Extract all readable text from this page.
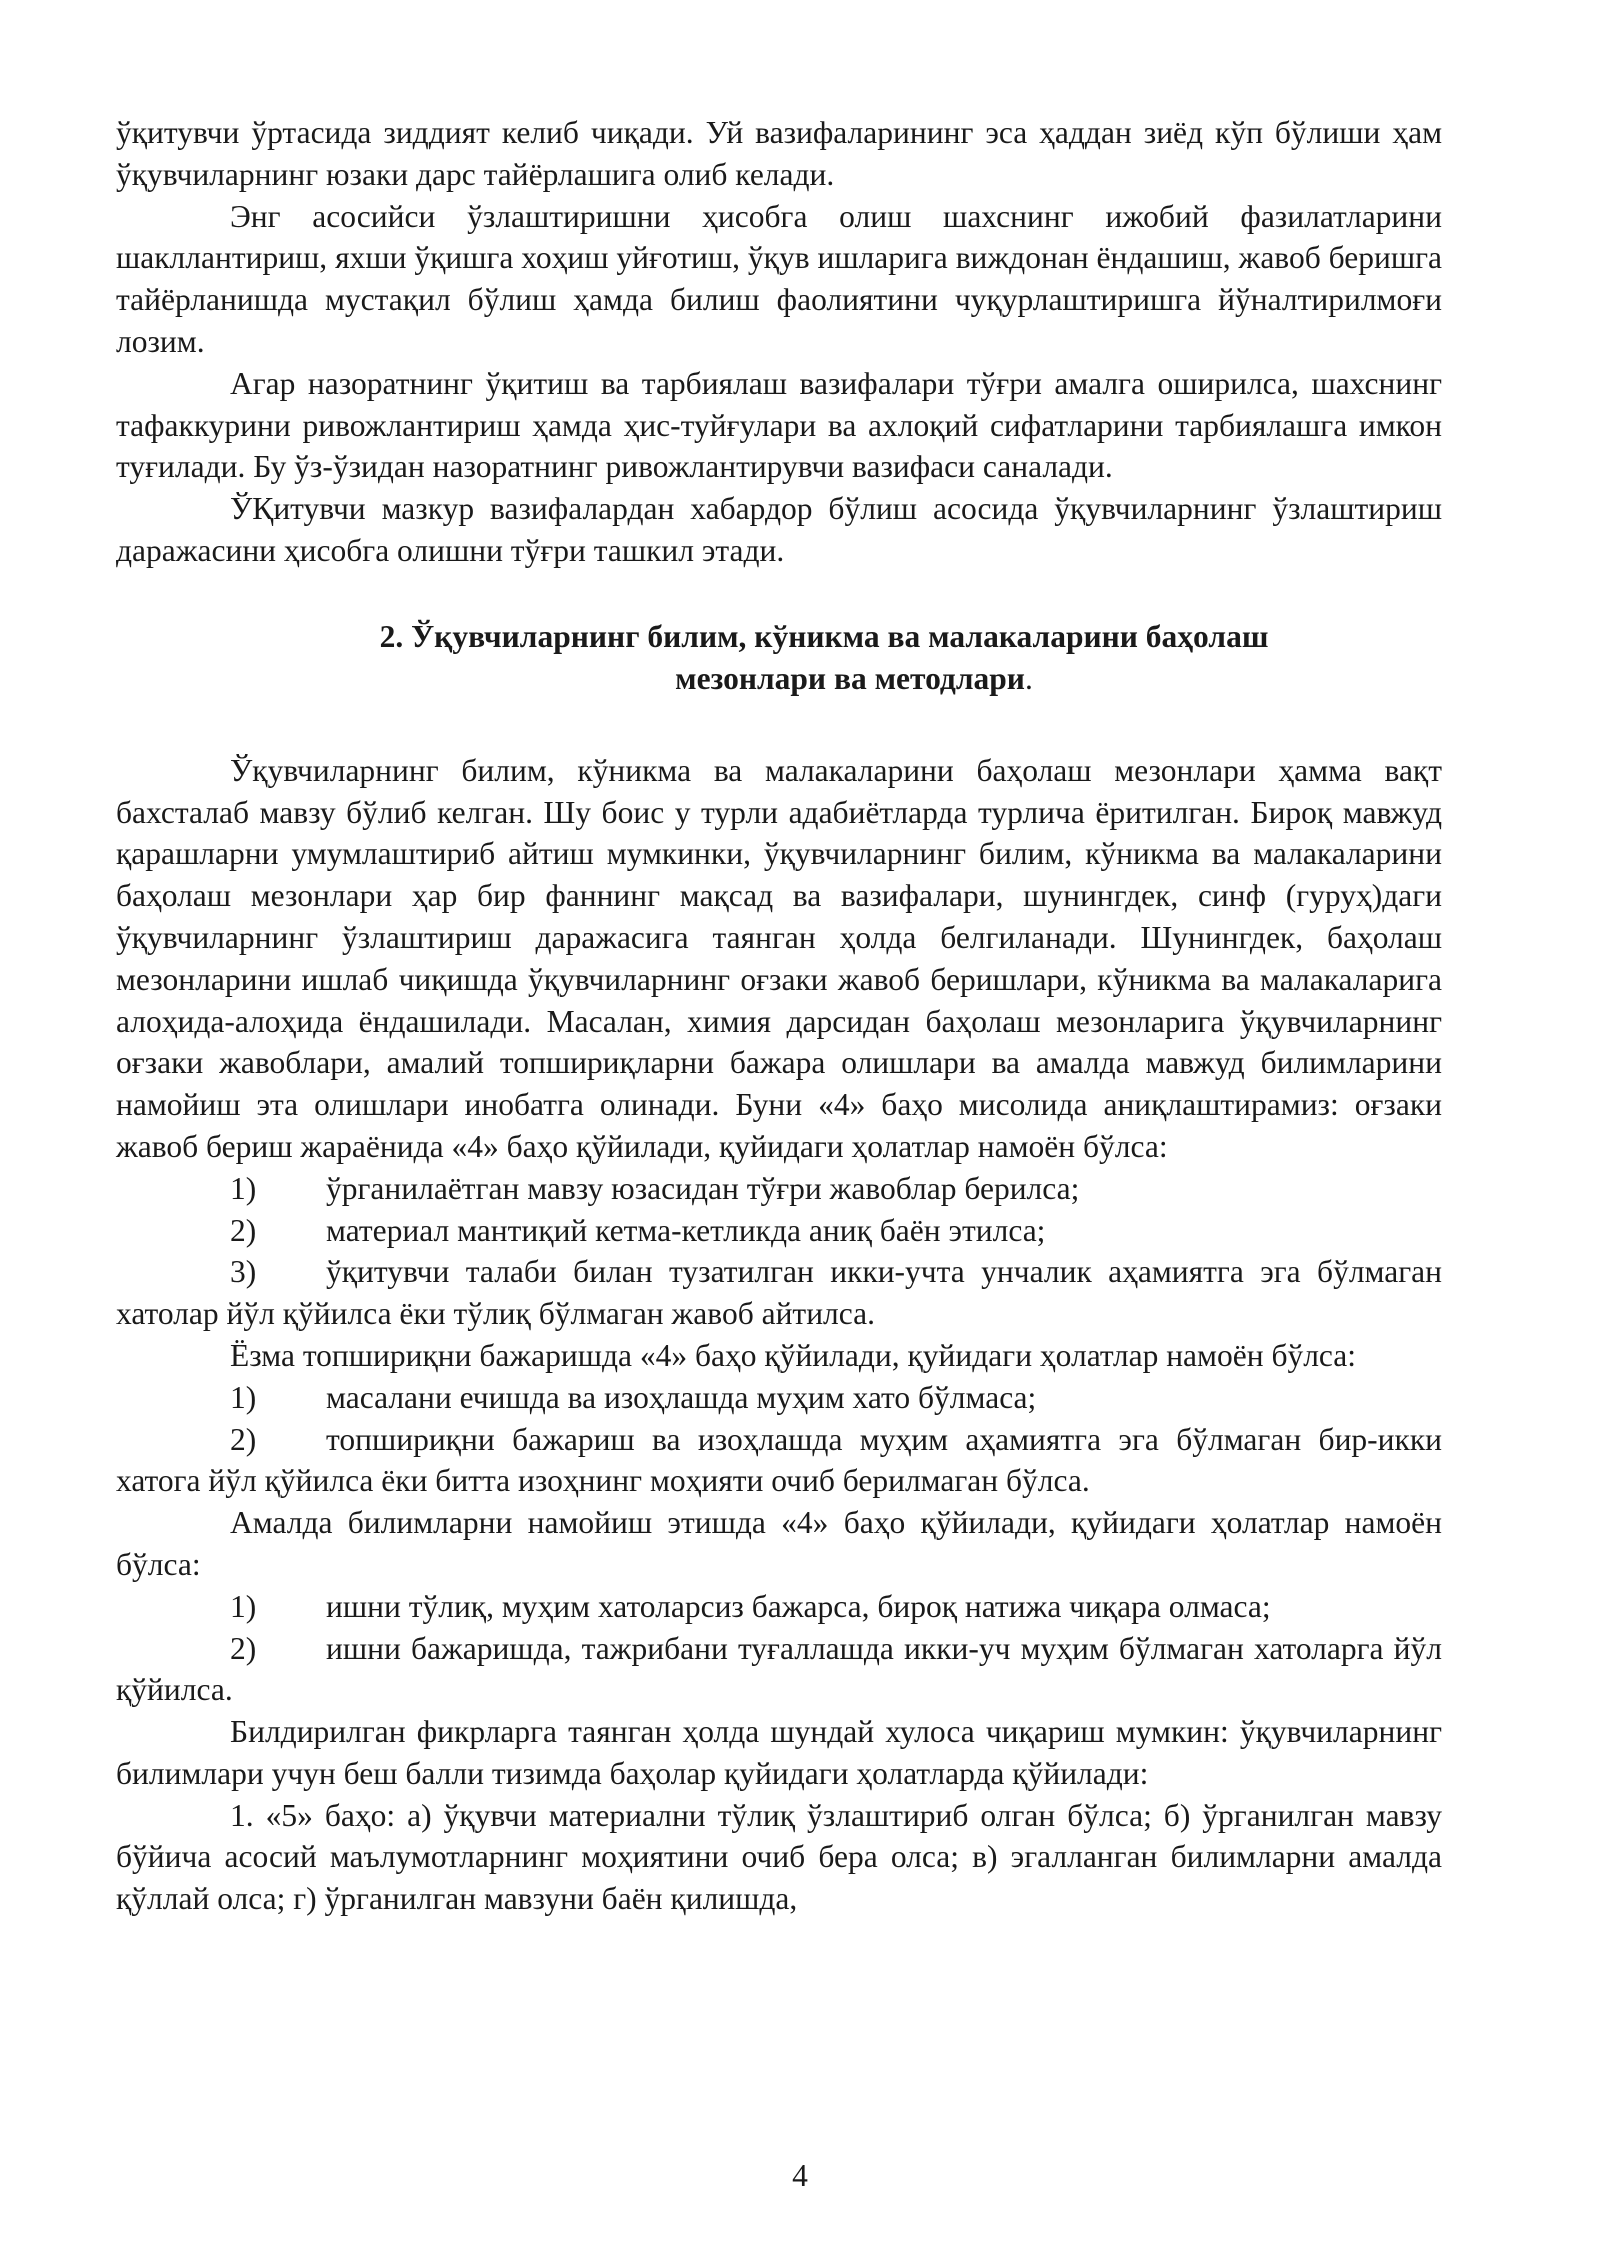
ўқитувчи ўртасида зиддият келиб чиқади. Уй вазифаларининг эса ҳаддан зиёд кўп бўлиши ҳам ўқувчиларнинг юзаки дарс тайёрлашига олиб келади.

Энг асосийси ўзлаштиришни ҳисобга олиш шахснинг ижобий фазилатларини шакллантириш, яхши ўқишга хоҳиш уйғотиш, ўқув ишларига виждонан ёндашиш, жавоб беришга тайёрланишда мустақил бўлиш ҳамда билиш фаолиятини чуқурлаштиришга йўналтирилмоғи лозим.

Агар назоратнинг ўқитиш ва тарбиялаш вазифалари тўғри амалга оширилса, шахснинг тафаккурини ривожлантириш ҳамда ҳис-туйғулари ва ахлоқий сифатларини тарбиялашга имкон туғилади. Бу ўз-ўзидан назоратнинг ривожлантирувчи вазифаси саналади.

ЎҚитувчи мазкур вазифалардан хабардор бўлиш асосида ўқувчиларнинг ўзлаштириш даражасини ҳисобга олишни тўғри ташкил этади.

2. Ўқувчиларнинг билим, кўникма ва малакаларини баҳолаш
мезонлари ва методлари.

Ўқувчиларнинг билим, кўникма ва малакаларини баҳолаш мезонлари ҳамма вақт бахсталаб мавзу бўлиб келган. Шу боис у турли адабиётларда турлича ёритилган. Бироқ мавжуд қарашларни умумлаштириб айтиш мумкинки, ўқувчиларнинг билим, кўникма ва малакаларини баҳолаш мезонлари ҳар бир фаннинг мақсад ва вазифалари, шунингдек, синф (гуруҳ)даги ўқувчиларнинг ўзлаштириш даражасига таянган ҳолда белгиланади. Шунингдек, баҳолаш мезонларини ишлаб чиқишда ўқувчиларнинг оғзаки жавоб беришлари, кўникма ва малакаларига алоҳида-алоҳида ёндашилади. Масалан, химия дарсидан баҳолаш мезонларига ўқувчиларнинг оғзаки жавоблари, амалий топшириқларни бажара олишлари ва амалда мавжуд билимларини намойиш эта олишлари инобатга олинади. Буни «4» баҳо мисолида аниқлаштирамиз: оғзаки жавоб бериш жараёнида «4» баҳо қўйилади, қуйидаги ҳолатлар намоён бўлса:

1) ўрганилаётган мавзу юзасидан тўғри жавоблар берилса;

2) материал мантиқий кетма-кетликда аниқ баён этилса;

3) ўқитувчи талаби билан тузатилган икки-учта унчалик аҳамиятга эга бўлмаган хатолар йўл қўйилса ёки тўлиқ бўлмаган жавоб айтилса.

Ёзма топшириқни бажаришда «4» баҳо қўйилади, қуйидаги ҳолатлар намоён бўлса:

1) масалани ечишда ва изоҳлашда муҳим хато бўлмаса;

2) топшириқни бажариш ва изоҳлашда муҳим аҳамиятга эга бўлмаган бир-икки хатога йўл қўйилса ёки битта изоҳнинг моҳияти очиб берилмаган бўлса.

Амалда билимларни намойиш этишда «4» баҳо қўйилади, қуйидаги ҳолатлар намоён бўлса:

1) ишни тўлиқ, муҳим хатоларсиз бажарса, бироқ натижа чиқара олмаса;

2) ишни бажаришда, тажрибани туғаллашда икки-уч муҳим бўлмаган хатоларга йўл қўйилса.

Билдирилган фикрларга таянган ҳолда шундай хулоса чиқариш мумкин: ўқувчиларнинг билимлари учун беш балли тизимда баҳолар қуйидаги ҳолатларда қўйилади:

1. «5» баҳо: а) ўқувчи материални тўлиқ ўзлаштириб олган бўлса; б) ўрганилган мавзу бўйича асосий маълумотларнинг моҳиятини очиб бера олса; в) эгалланган билимларни амалда қўллай олса; г) ўрганилган мавзуни баён қилишда,

4
